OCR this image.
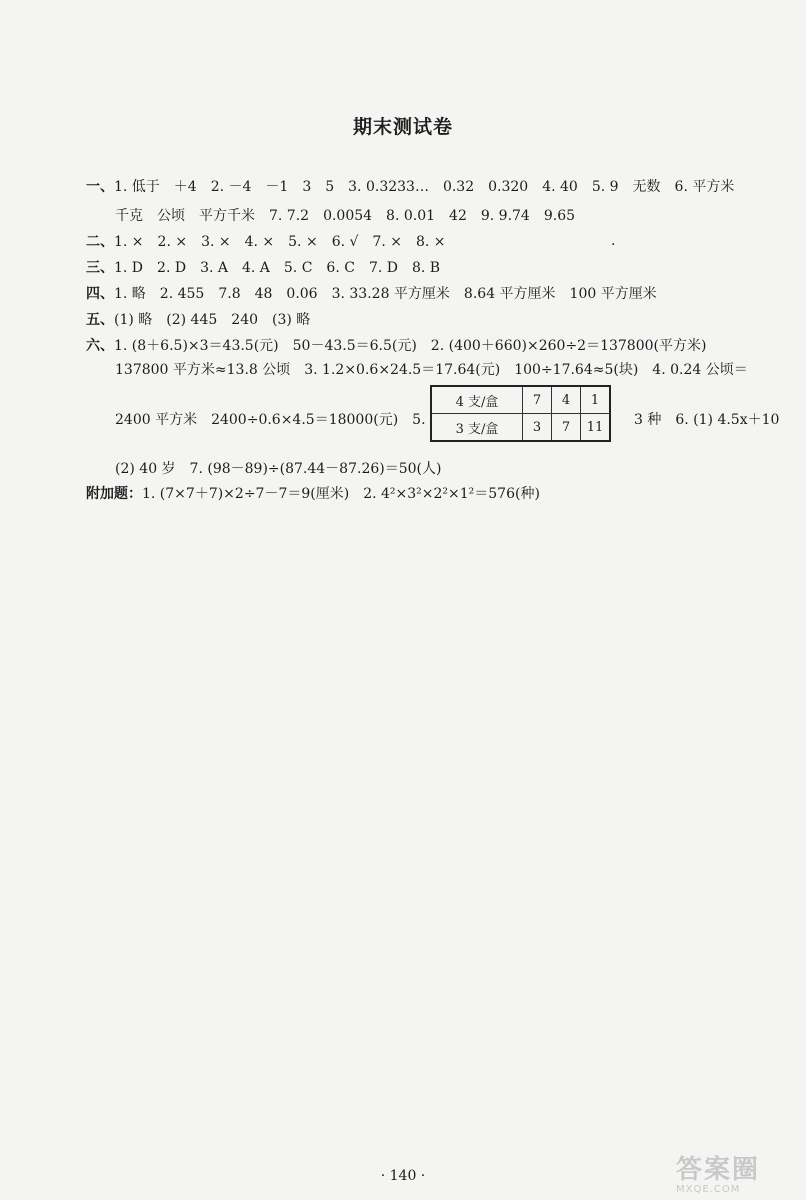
期末测试卷
一、1. 低于　＋4　2. －4　－1　3　5　3. 0.3233…　0.32　0.320　4. 40　5. 9　无数　6. 平方米
千克　公顷　平方千米　7. 7.2　0.0054　8. 0.01　42　9. 9.74　9.65
二、1. ×　2. ×　3. ×　4. ×　5. ×　6. √　7. ×　8. ×	.
三、1. D　2. D　3. A　4. A　5. C　6. C　7. D　8. B
四、1. 略　2. 455　7.8　48　0.06　3. 33.28 平方厘米　8.64 平方厘米　100 平方厘米
五、(1) 略　(2) 445　240　(3) 略
六、1. (8＋6.5)×3＝43.5(元)　50－43.5＝6.5(元)　2. (400＋660)×260÷2＝137800(平方米)
137800 平方米≈13.8 公顷　3. 1.2×0.6×24.5＝17.64(元)　100÷17.64≈5(块)　4. 0.24 公顷＝
2400 平方米　2400÷0.6×4.5＝18000(元)　5.
4 支/盒	7	4	1
3 支/盒	3	7	11 3 种　6. (1) 4.5x＋10
(2) 40 岁　7. (98－89)÷(87.44－87.26)＝50(人)
附加题：1. (7×7＋7)×2÷7－7＝9(厘米)　2. 4²×3²×2²×1²＝576(种)
· 140 ·	答案圈
MXQE.COM
